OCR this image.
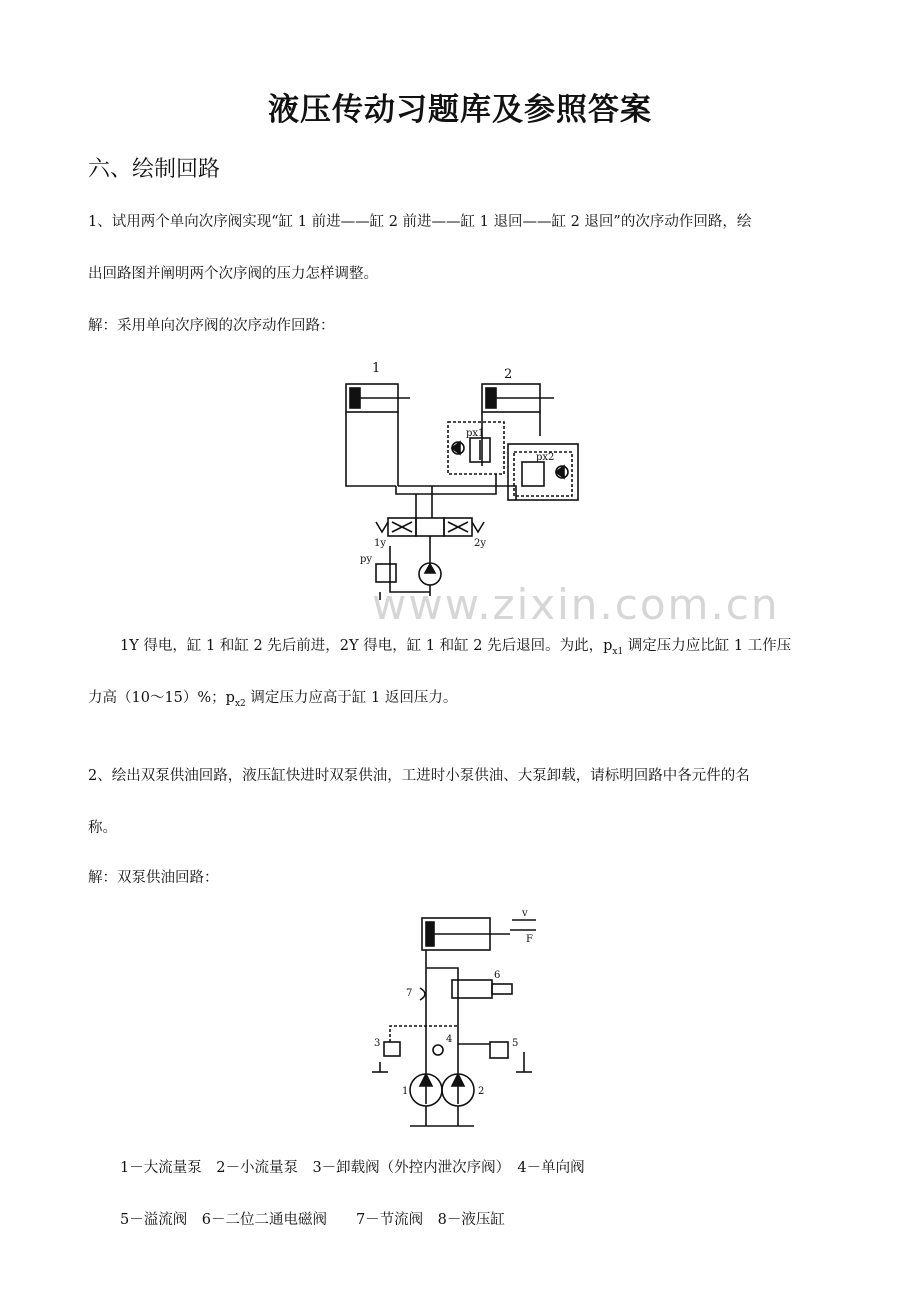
液压传动习题库及参照答案
六、绘制回路
1、试用两个单向次序阀实现“缸 1 前进——缸 2 前进——缸 1 退回——缸 2 退回”的次序动作回路，绘
出回路图并阐明两个次序阀的压力怎样调整。
解：采用单向次序阀的次序动作回路：
1	2
px1
px2
1y	2y
py
www.zixin.com.cn
1Y 得电，缸 1 和缸 2 先后前进，2Y 得电，缸 1 和缸 2 先后退回。为此，$p_{x1}$ 调定压力应比缸 1 工作压
力高（10～15）%；$p_{x2}$ 调定压力应高于缸 1 返回压力。
2、绘出双泵供油回路，液压缸快进时双泵供油，工进时小泵供油、大泵卸载，请标明回路中各元件的名
称。
解：双泵供油回路：
v
F
7
6
3	4	5
1	2
1－大流量泵　2－小流量泵　3－卸载阀（外控内泄次序阀）　4－单向阀
5－溢流阀　6－二位二通电磁阀　　7－节流阀　8－液压缸
